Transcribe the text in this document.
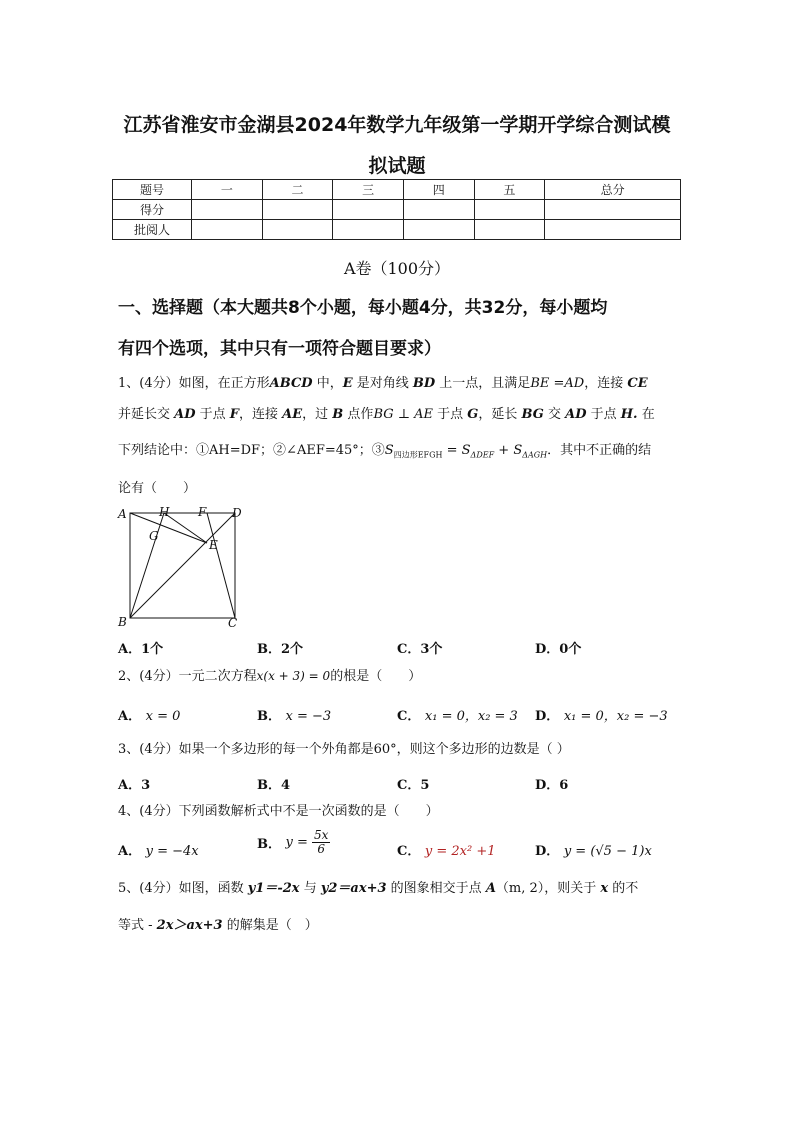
江苏省淮安市金湖县2024年数学九年级第一学期开学综合测试模
拟试题
题号	一	二	三	四	五	总分
得分						
批阅人						
A卷（100分）
一、选择题（本大题共8个小题，每小题4分，共32分，每小题均
有四个选项，其中只有一项符合题目要求）
1、(4分）如图，在正方形ABCD 中，E 是对角线 BD 上一点，且满足BE =AD，连接 CE
并延长交 AD 于点 F，连接 AE，过 B 点作BG ⊥ AE 于点 G，延长 BG 交 AD 于点 H. 在
下列结论中：①AH=DF；②∠AEF=45°；$③S_{四边形EFGH} = S_{\Delta DEF} + S_{\Delta AGH}$．其中不正确的结
论有（　　）
A	H F D
G
E
B	C
A．1个	B．2个	C．3个	D．0个
2、(4分）一元二次方程x(x + 3) = 0的根是（　　）
A． x = 0	B． x = −3	C． x₁ = 0，x₂ = 3 D． x₁ = 0，x₂ = −3
3、(4分）如果一个多边形的每一个外角都是60°，则这个多边形的边数是（ ）
A．3	B．4	C．5	D．6
4、(4分）下列函数解析式中不是一次函数的是（　　）
A． y = −4x	B． $y = \frac{5x}{6}$	C． y = 2x² +1	D． y = (√5 − 1)x
5、(4分）如图，函数 y1＝-2x 与 y2＝ax+3 的图象相交于点 A（m, 2），则关于 x 的不
等式 - 2x＞ax+3 的解集是（　）
